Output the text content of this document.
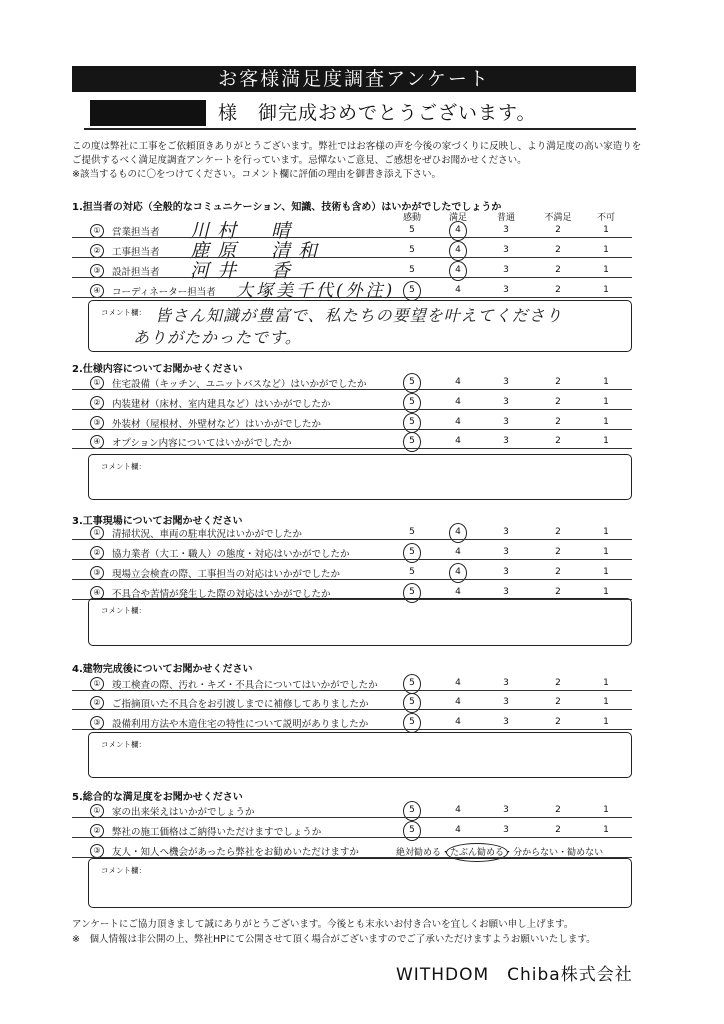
お客様満足度調査アンケート
様　御完成おめでとうございます。
この度は弊社に工事をご依頼頂きありがとうございます。弊社ではお客様の声を今後の家づくりに反映し、より満足度の高い家造りを
ご提供するべく満足度調査アンケートを行っています。忌憚ないご意見、ご感想をぜひお聞かせください。
※該当するものに〇をつけてください。コメント欄に評価の理由を御書き添え下さい。
1.担当者の対応（全般的なコミュニケーション、知識、技術も含め）はいかがでしたでしょうか
感動	満足	普通	不満足	不可
①	営業担当者 川村　晴	5	4	3	2	1
②	工事担当者 鹿原　清和	5	4	3	2	1
③	設計担当者 河井　香	5	4	3	2	1
④	コーディネーター担当者 大塚美千代(外注)	5	4	3	2	1
コメント欄： 皆さん知識が豊富で、私たちの要望を叶えてくださり
ありがたかったです。
2.仕様内容についてお聞かせください
①	住宅設備（キッチン、ユニットバスなど）はいかがでしたか	5	4	3	2	1
②	内装建材（床材、室内建具など）はいかがでしたか	5	4	3	2	1
③	外装材（屋根材、外壁材など）はいかがでしたか	5	4	3	2	1
④	オプション内容についてはいかがでしたか	5	4	3	2	1
コメント欄：
3.工事現場についてお聞かせください
①	清掃状況、車両の駐車状況はいかがでしたか	5	4	3	2	1
②	協力業者（大工・職人）の態度・対応はいかがでしたか	5	4	3	2	1
③	現場立会検査の際、工事担当の対応はいかがでしたか	5	4	3	2	1
④	不具合や苦情が発生した際の対応はいかがでしたか	5	4	3	2	1
コメント欄：
4.建物完成後についてお聞かせください
①	竣工検査の際、汚れ・キズ・不具合についてはいかがでしたか	5	4	3	2	1
②	ご指摘頂いた不具合をお引渡しまでに補修してありましたか	5	4	3	2	1
③	設備利用方法や木造住宅の特性について説明がありましたか	5	4	3	2	1
コメント欄：
5.総合的な満足度をお聞かせください
①	家の出来栄えはいかがでしょうか	5	4	3	2	1
②	弊社の施工価格はご納得いただけますでしょうか	5	4	3	2	1
③	友人・知人へ機会があったら弊社をお勧めいただけますか	絶対勧める・たぶん勧める・分からない・勧めない
コメント欄：
アンケートにご協力頂きまして誠にありがとうございます。今後とも末永いお付き合いを宜しくお願い申し上げます。
※　個人情報は非公開の上、弊社HPにて公開させて頂く場合がございますのでご了承いただけますようお願いいたします。
WITHDOM　Chiba株式会社
